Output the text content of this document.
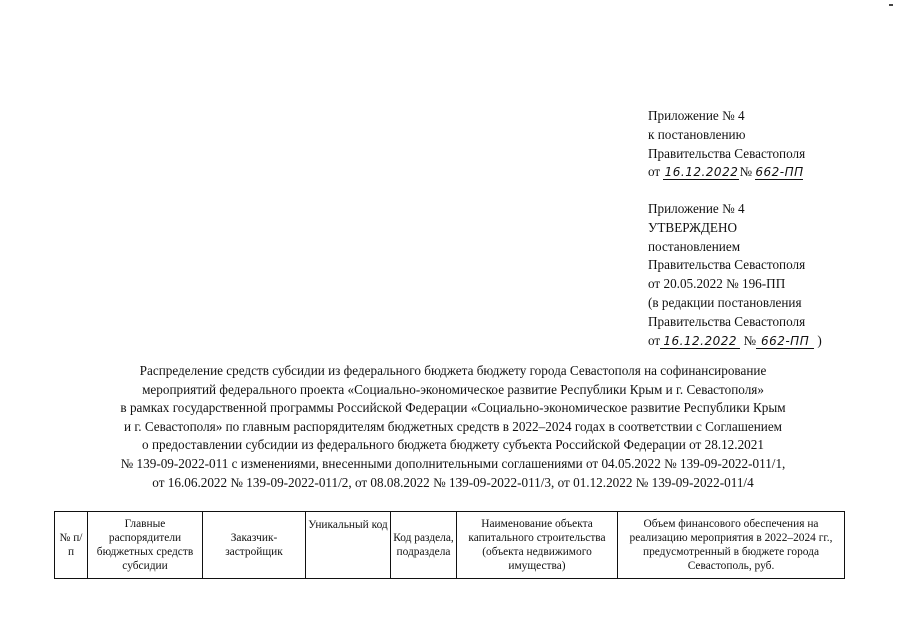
Приложение № 4
к постановлению
Правительства Севастополя
от 16.12.2022№ 662-ПП
Приложение № 4
УТВЕРЖДЕНО
постановлением
Правительства Севастополя
от 20.05.2022 № 196-ПП
(в редакции постановления
Правительства Севастополя
от 16.12.2022 № 662-ПП )
Распределение средств субсидии из федерального бюджета бюджету города Севастополя на софинансирование
мероприятий федерального проекта «Социально-экономическое развитие Республики Крым и г. Севастополя»
в рамках государственной программы Российской Федерации «Социально-экономическое развитие Республики Крым
и г. Севастополя» по главным распорядителям бюджетных средств в 2022–2024 годах в соответствии с Соглашением
о предоставлении субсидии из федерального бюджета бюджету субъекта Российской Федерации от 28.12.2021
№ 139-09-2022-011 с изменениями, внесенными дополнительными соглашениями от 04.05.2022 № 139-09-2022-011/1,
от 16.06.2022 № 139-09-2022-011/2, от 08.08.2022 № 139-09-2022-011/3, от 01.12.2022 № 139-09-2022-011/4
№ п/п	Главные распорядители бюджетных средств субсидии	Заказчик-застройщик	Уникальный код	Код раздела, подраздела	Наименование объекта капитального строительства (объекта недвижимого имущества)	Объем финансового обеспечения на реализацию мероприятия в 2022–2024 гг., предусмотренный в бюджете города Севастополь, руб.
